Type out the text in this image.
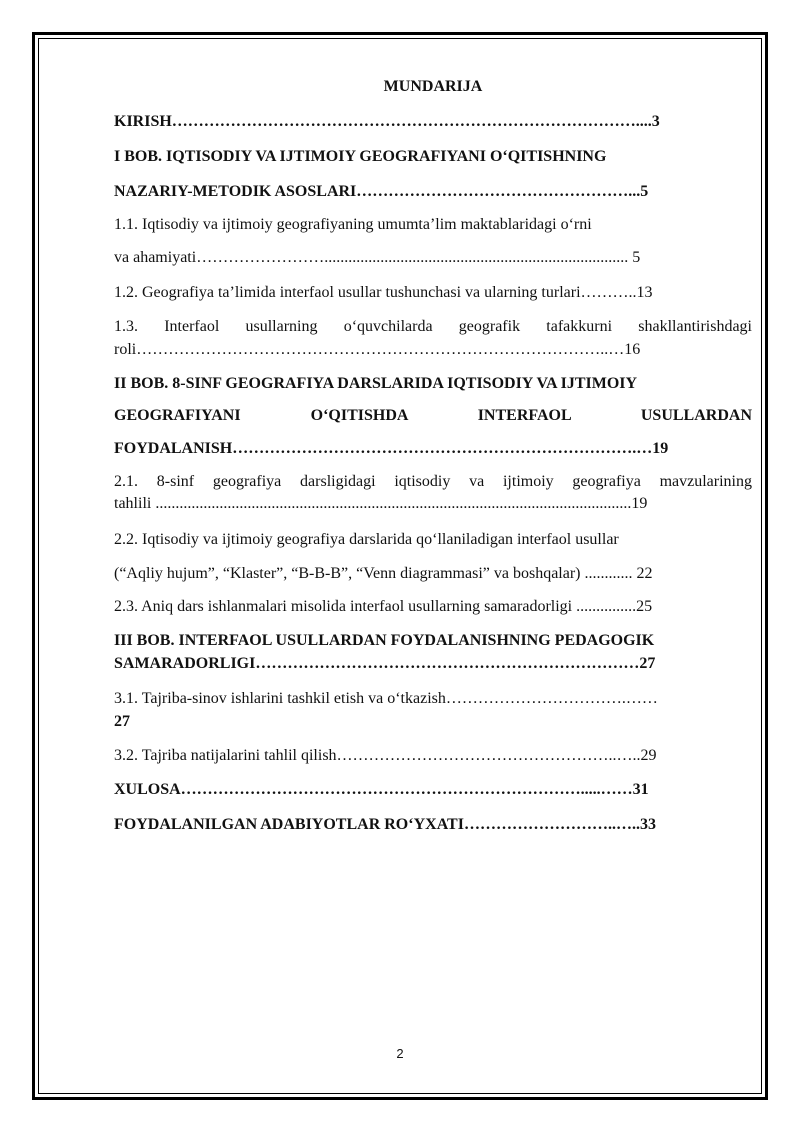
MUNDARIJA
KIRISH……………………………………………………………………………....3
I BOB. IQTISODIY VA IJTIMOIY GEOGRAFIYANI O‘QITISHNING
NAZARIY-METODIK ASOSLARI……………………………………………...5
1.1. Iqtisodiy va ijtimoiy geografiyaning umumta’lim maktablaridagi o‘rni
va ahamiyati……………………............................................................................ 5
1.2. Geografiya ta’limida interfaol usullar tushunchasi va ularning turlari………..13
1.3. Interfaol usullarning o‘quvchilarda geografik tafakkurni shakllantirishdagi
roli……………………………………………………………………………..…16
II BOB. 8-SINF GEOGRAFIYA DARSLARIDA IQTISODIY VA IJTIMOIY
GEOGRAFIYANI O‘QITISHDA INTERFAOL USULLARDAN
FOYDALANISH………………………………………………………………….…19
2.1. 8-sinf geografiya darsligidagi iqtisodiy va ijtimoiy geografiya mavzularining
tahlili .......................................................................................................................19
2.2. Iqtisodiy va ijtimoiy geografiya darslarida qo‘llaniladigan interfaol usullar
(“Aqliy hujum”, “Klaster”, “B-B-B”, “Venn diagrammasi” va boshqalar) ............ 22
2.3. Aniq dars ishlanmalari misolida interfaol usullarning samaradorligi ...............25
III BOB. INTERFAOL USULLARDAN FOYDALANISHNING PEDAGOGIK
SAMARADORLIGI………………………………………………………………27
3.1. Tajriba-sinov ishlarini tashkil etish va o‘tkazish…………………………….……
27
3.2. Tajriba natijalarini tahlil qilish……………………………………………..…..29
XULOSA………………………………………………………………….....……31
FOYDALANILGAN ADABIYOTLAR RO‘YXATI………………………..…..33
2
